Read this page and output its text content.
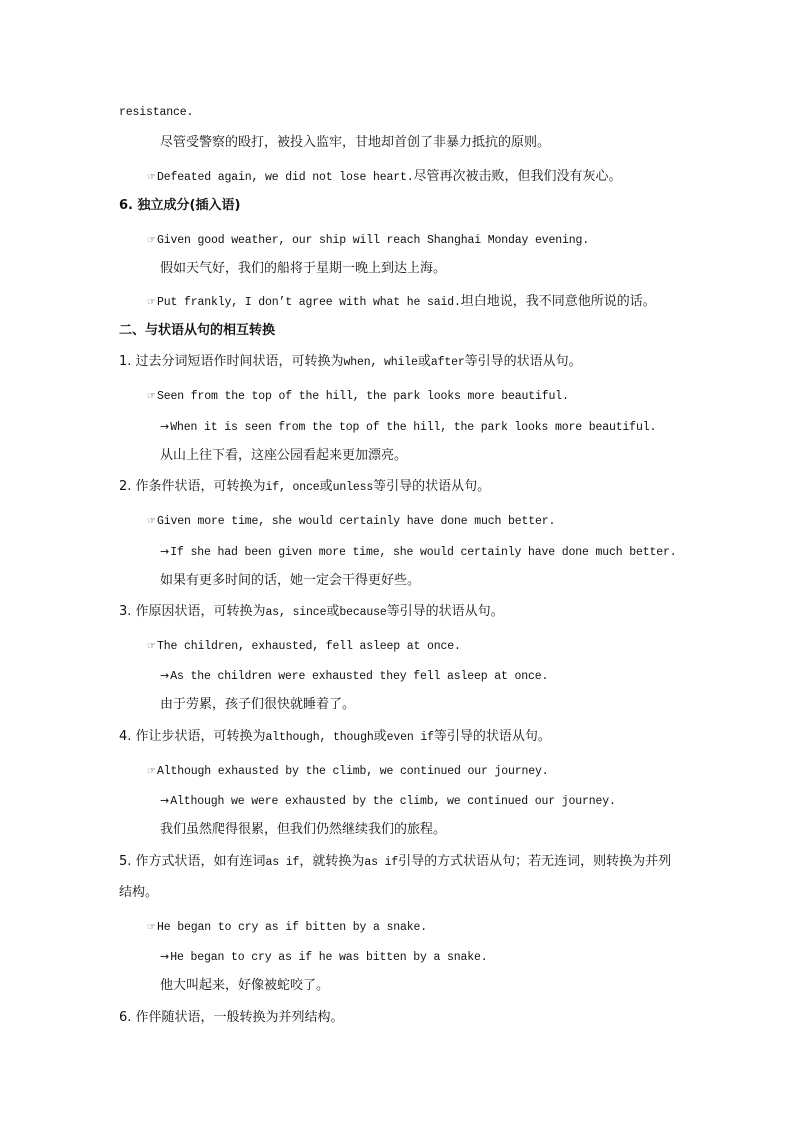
resistance.
尽管受警察的殴打，被投入监牢，甘地却首创了非暴力抵抗的原则。
☞Defeated again, we did not lose heart.尽管再次被击败，但我们没有灰心。
6. 独立成分(插入语)
☞Given good weather, our ship will reach Shanghai Monday evening.
假如天气好，我们的船将于星期一晚上到达上海。
☞Put frankly, I don’t agree with what he said.坦白地说，我不同意他所说的话。
二、与状语从句的相互转换
1. 过去分词短语作时间状语，可转换为when, while或after等引导的状语从句。
☞Seen from the top of the hill, the park looks more beautiful.
→When it is seen from the top of the hill, the park looks more beautiful.
从山上往下看，这座公园看起来更加漂亮。
2. 作条件状语，可转换为if, once或unless等引导的状语从句。
☞Given more time, she would certainly have done much better.
→If she had been given more time, she would certainly have done much better.
如果有更多时间的话，她一定会干得更好些。
3. 作原因状语，可转换为as, since或because等引导的状语从句。
☞The children, exhausted, fell asleep at once.
→As the children were exhausted they fell asleep at once.
由于劳累，孩子们很快就睡着了。
4. 作让步状语，可转换为although, though或even if等引导的状语从句。
☞Although exhausted by the climb, we continued our journey.
→Although we were exhausted by the climb, we continued our journey.
我们虽然爬得很累，但我们仍然继续我们的旅程。
5. 作方式状语，如有连词as if，就转换为as if引导的方式状语从句；若无连词，则转换为并列
结构。
☞He began to cry as if bitten by a snake.
→He began to cry as if he was bitten by a snake.
他大叫起来，好像被蛇咬了。
6. 作伴随状语，一般转换为并列结构。
